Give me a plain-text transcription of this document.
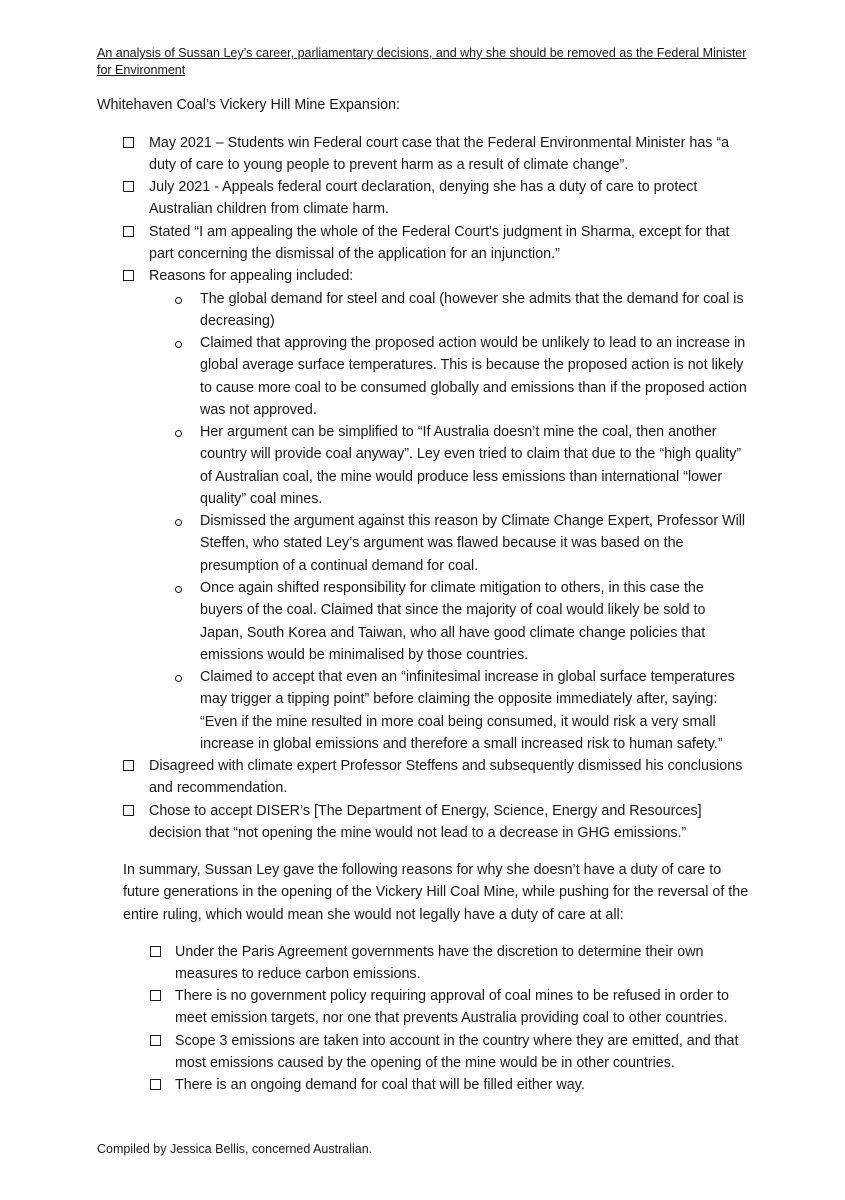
An analysis of Sussan Ley’s career, parliamentary decisions, and why she should be removed as the Federal Minister for Environment
Whitehaven Coal’s Vickery Hill Mine Expansion:
May 2021 – Students win Federal court case that the Federal Environmental Minister has “a duty of care to young people to prevent harm as a result of climate change”.
July 2021 - Appeals federal court declaration, denying she has a duty of care to protect Australian children from climate harm.
Stated “I am appealing the whole of the Federal Court's judgment in Sharma, except for that part concerning the dismissal of the application for an injunction.”
Reasons for appealing included:
The global demand for steel and coal (however she admits that the demand for coal is decreasing)
Claimed that approving the proposed action would be unlikely to lead to an increase in global average surface temperatures. This is because the proposed action is not likely to cause more coal to be consumed globally and emissions than if the proposed action was not approved.
Her argument can be simplified to “If Australia doesn’t mine the coal, then another country will provide coal anyway”. Ley even tried to claim that due to the “high quality” of Australian coal, the mine would produce less emissions than international “lower quality” coal mines.
Dismissed the argument against this reason by Climate Change Expert, Professor Will Steffen, who stated Ley’s argument was flawed because it was based on the presumption of a continual demand for coal.
Once again shifted responsibility for climate mitigation to others, in this case the buyers of the coal. Claimed that since the majority of coal would likely be sold to Japan, South Korea and Taiwan, who all have good climate change policies that emissions would be minimalised by those countries.
Claimed to accept that even an “infinitesimal increase in global surface temperatures may trigger a tipping point” before claiming the opposite immediately after, saying: “Even if the mine resulted in more coal being consumed, it would risk a very small increase in global emissions and therefore a small increased risk to human safety.”
Disagreed with climate expert Professor Steffens and subsequently dismissed his conclusions and recommendation.
Chose to accept DISER’s [The Department of Energy, Science, Energy and Resources] decision that “not opening the mine would not lead to a decrease in GHG emissions.”
In summary, Sussan Ley gave the following reasons for why she doesn’t have a duty of care to future generations in the opening of the Vickery Hill Coal Mine, while pushing for the reversal of the entire ruling, which would mean she would not legally have a duty of care at all:
Under the Paris Agreement governments have the discretion to determine their own measures to reduce carbon emissions.
There is no government policy requiring approval of coal mines to be refused in order to meet emission targets, nor one that prevents Australia providing coal to other countries.
Scope 3 emissions are taken into account in the country where they are emitted, and that most emissions caused by the opening of the mine would be in other countries.
There is an ongoing demand for coal that will be filled either way.
Compiled by Jessica Bellis, concerned Australian.
